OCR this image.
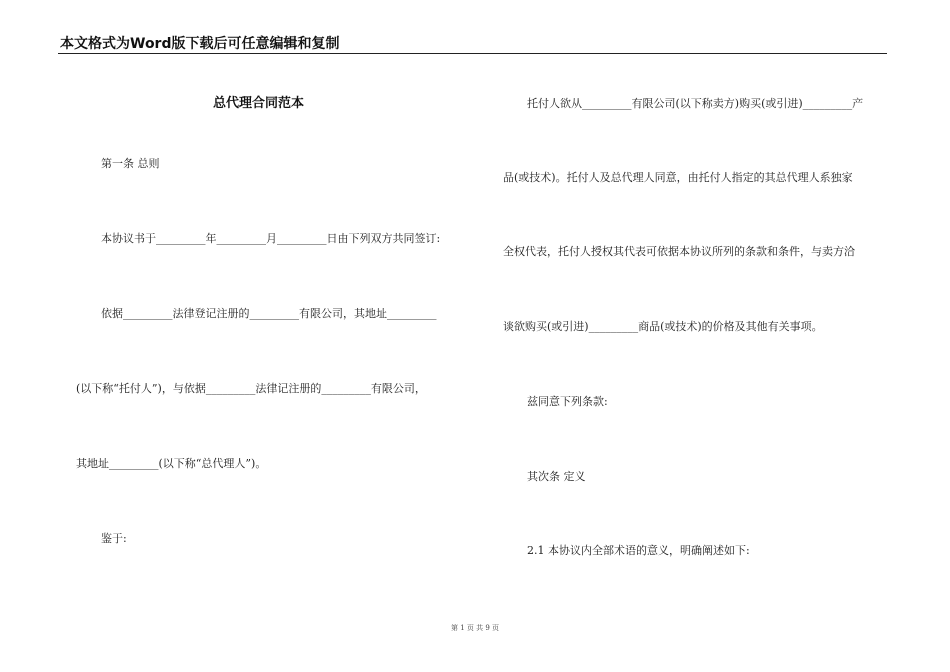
本文格式为Word版下载后可任意编辑和复制
总代理合同范本
第一条 总则
本协议书于_________年_________月_________日由下列双方共同签订:
依据_________法律登记注册的_________有限公司，其地址_________
(以下称“托付人”)，与依据_________法律记注册的_________有限公司，
其地址_________(以下称“总代理人”)。
鉴于:
托付人欲从_________有限公司(以下称卖方)购买(或引进)_________产
品(或技术)。托付人及总代理人同意，由托付人指定的其总代理人系独家
全权代表，托付人授权其代表可依据本协议所列的条款和条件，与卖方洽
谈欲购买(或引进)_________商品(或技术)的价格及其他有关事项。
兹同意下列条款:
其次条 定义
2.1 本协议内全部术语的意义，明确阐述如下:
第 1 页 共 9 页
